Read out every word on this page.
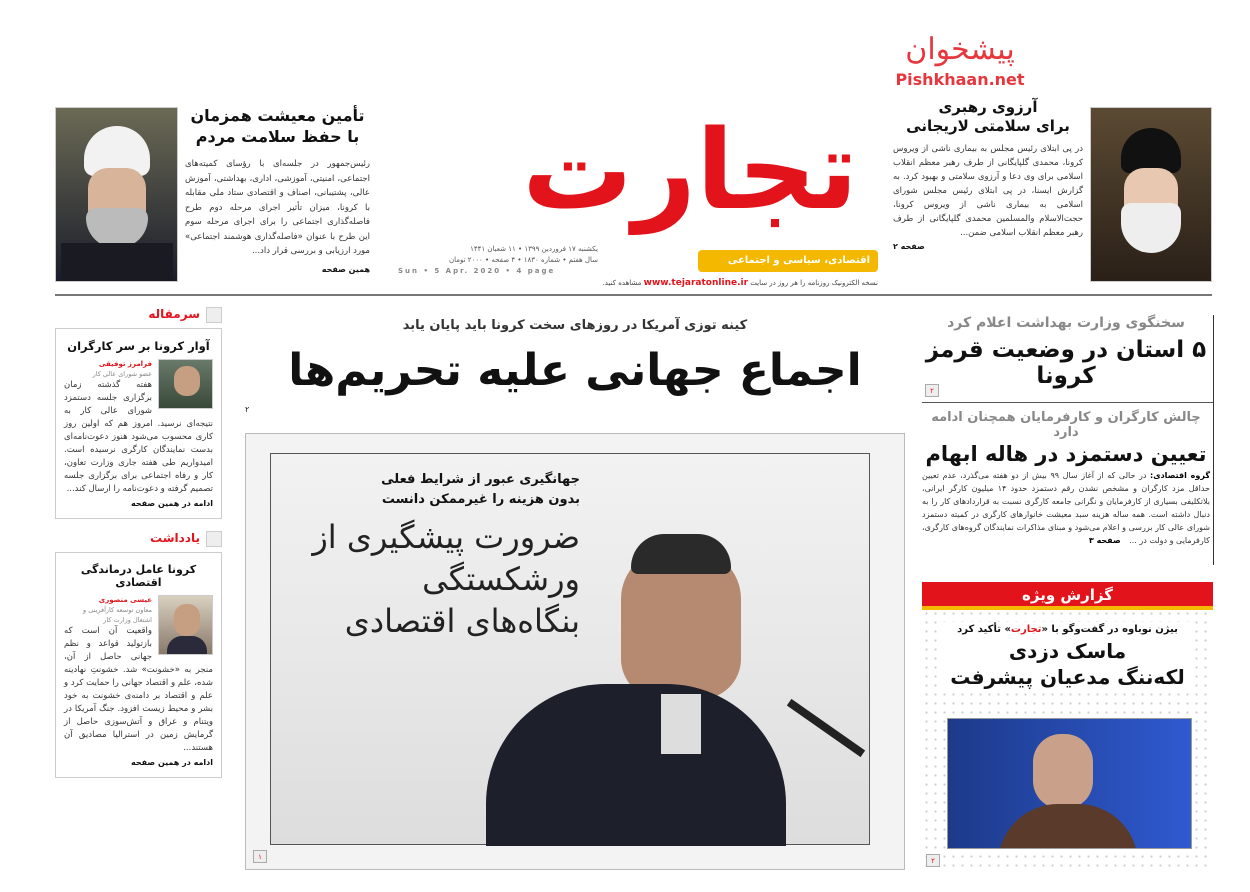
تجارت
اقتصادی، سیاسی و اجتماعی
یکشنبه ۱۷ فروردین ۱۳۹۹ • ۱۱ شعبان ۱۴۴۱
سال هفتم • شماره ۱۸۳۰ • ۴ صفحه • ۲۰۰۰ تومان
Sun • 5 Apr. 2020 • 4 page
نسخه الکترونیک روزنامه را هر روز در سایت www.tejaratonline.ir مشاهده کنید.
پیشخوان
Pishkhaan.net
آرزوی رهبری
برای سلامتی لاریجانی
در پی ابتلای رئیس مجلس به بیماری ناشی از ویروس کرونا، محمدی گلپایگانی از طرف رهبر معظم انقلاب اسلامی برای وی دعا و آرزوی سلامتی و بهبود کرد. به گزارش ایسنا، در پی ابتلای رئیس مجلس شورای اسلامی به بیماری ناشی از ویروس کرونا، حجت‌الاسلام والمسلمین محمدی گلپایگانی از طرف رهبر معظم انقلاب اسلامی ضمن...
صفحه ۲
تأمین معیشت همزمان
با حفظ سلامت مردم
رئیس‌جمهور در جلسه‌ای با رؤسای کمیته‌های اجتماعی، امنیتی، آموزشی، اداری، بهداشتی، آموزش عالی، پشتیبانی، اصناف و اقتصادی ستاد ملی مقابله با کرونا، میزان تأثیر اجرای مرحله دوم طرح فاصله‌گذاری اجتماعی را برای اجرای مرحله سوم این طرح با عنوان «فاصله‌گذاری هوشمند اجتماعی» مورد ارزیابی و بررسی قرار داد...
همین صفحه
کینه توزی آمریکا در روزهای سخت کرونا باید پایان یابد
اجماع جهانی علیه تحریم‌ها
۲
جهانگیری عبور از شرایط فعلی
بدون هزینه را غیرممکن دانست
ضرورت پیشگیری از
ورشکستگی
بنگاه‌های اقتصادی
۱
سخنگوی وزارت بهداشت اعلام کرد
۵ استان در وضعیت قرمز کرونا
۲
چالش کارگران و کارفرمایان همچنان ادامه دارد
تعیین دستمزد در هاله ابهام
گروه اقتصادی: در حالی که از آغاز سال ۹۹ بیش از دو هفته می‌گذرد، عدم تعیین حداقل مزد کارگران و مشخص نشدن رقم دستمزد حدود ۱۴ میلیون کارگر ایرانی، بلاتکلیفی بسیاری از کارفرمایان و نگرانی جامعه کارگری نسبت به قراردادهای کار را به دنبال داشته است. همه ساله هزینه سبد معیشت خانوارهای کارگری در کمیته دستمزد شورای عالی کار بررسی و اعلام می‌شود و مبنای مذاکرات نمایندگان گروه‌های کارگری، کارفرمایی و دولت در ... صفحه ۳
گزارش ویژه
بیژن نوباوه در گفت‌وگو با «تجارت» تأکید کرد
ماسک دزدی
لکه‌ننگ مدعیان پیشرفت
۲
سرمقاله
آوار کرونا بر سر کارگران
فرامرز توفیقی
عضو شورای عالی کار
هفته گذشته زمان برگزاری جلسه دستمزد شورای عالی کار به نتیجه‌ای نرسید. امروز هم که اولین روز کاری محسوب می‌شود هنوز دعوت‌نامه‌ای بدست نمایندگان کارگری نرسیده است. امیدواریم طی هفته جاری وزارت تعاون، کار و رفاه اجتماعی برای برگزاری جلسه تصمیم گرفته و دعوت‌نامه را ارسال کند...
ادامه در همین صفحه
یادداشت
کرونا عامل درماندگی اقتصادی
عیسی منصوری
معاون توسعه کارآفرینی و اشتغال وزارت کار
واقعیت آن است که بازتولید قواعد و نظم جهانی حاصل از آن، منجر به «خشونت» شد. خشونتِ نهادینه شده، علم و اقتصاد جهانی را حمایت کرد و علم و اقتصاد بر دامنه‌ی خشونت به خود بشر و محیط زیست افزود. جنگ آمریکا در ویتنام و عراق و آتش‌سوزی حاصل از گرمایش زمین در استرالیا مصادیق آن هستند...
ادامه در همین صفحه
